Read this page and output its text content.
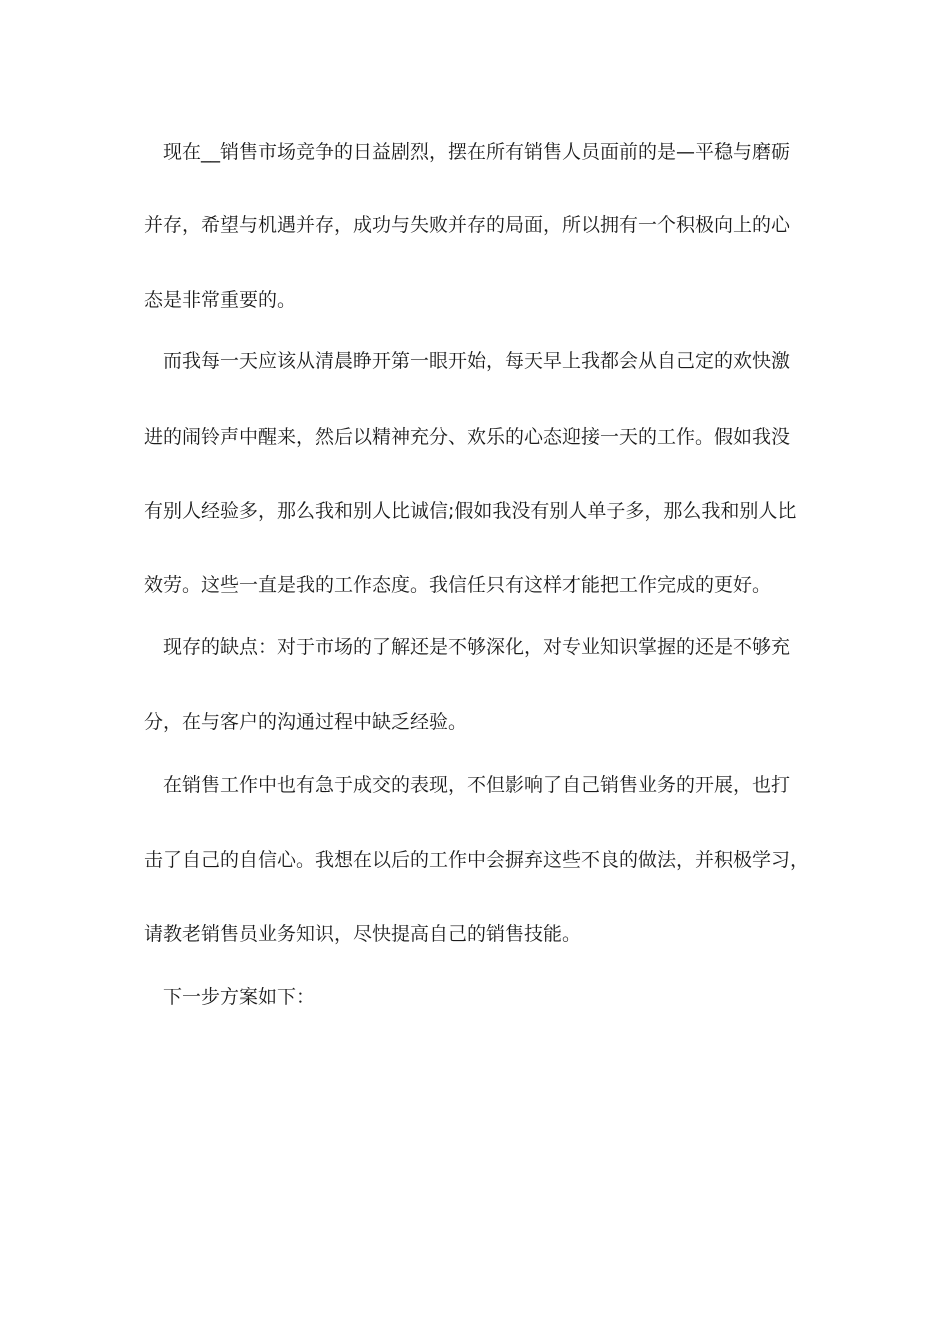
现在__销售市场竞争的日益剧烈，摆在所有销售人员面前的是—平稳与磨砺
并存，希望与机遇并存，成功与失败并存的局面，所以拥有一个积极向上的心
态是非常重要的。
而我每一天应该从清晨睁开第一眼开始，每天早上我都会从自己定的欢快激
进的闹铃声中醒来，然后以精神充分、欢乐的心态迎接一天的工作。假如我没
有别人经验多，那么我和别人比诚信;假如我没有别人单子多，那么我和别人比
效劳。这些一直是我的工作态度。我信任只有这样才能把工作完成的更好。
现存的缺点：对于市场的了解还是不够深化，对专业知识掌握的还是不够充
分，在与客户的沟通过程中缺乏经验。
在销售工作中也有急于成交的表现，不但影响了自己销售业务的开展，也打
击了自己的自信心。我想在以后的工作中会摒弃这些不良的做法，并积极学习，
请教老销售员业务知识，尽快提高自己的销售技能。
下一步方案如下：
